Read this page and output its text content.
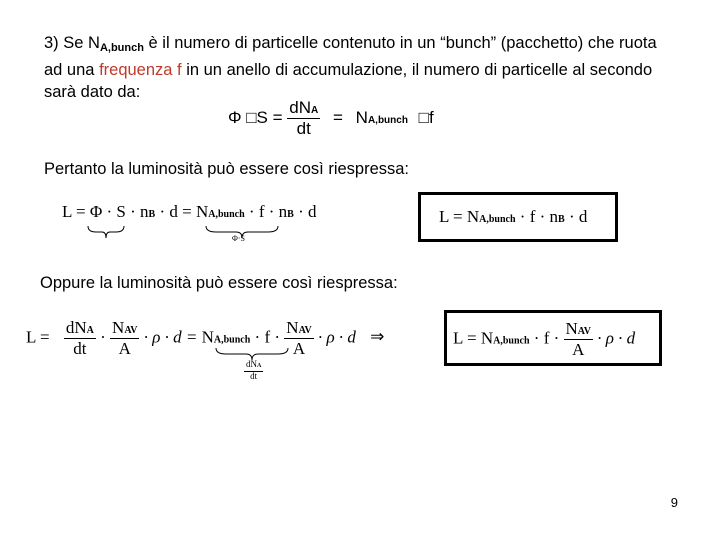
3) Se $N_{A,bunch}$ è il numero di particelle contenuto in un “bunch” (pacchetto) che ruota ad una frequenza f in un anello di accumulazione, il numero di particelle al secondo sarà dato da:
Φ □S = $\frac{\text{dNA}}{dt}$ = NA,bunch □f
Pertanto la luminosità può essere così riespressa:
L = Φ · S · nB · d = NA,bunch · f · nB · d
Φ·S
L = NA,bunch · f · nB · d
Oppure la luminosità può essere così riespressa:
$L = \frac{\text{dNA}}{dt} \cdot \frac{\text{NAV}}{A} \cdot \rho \cdot d$ = NA,bunch · $f \cdot \frac{\text{NAV}}{A} \cdot \rho \cdot d$ ⇒
$\frac{\text{dNA}}{dt}$
L = NA,bunch · $f \cdot \frac{\text{NAV}}{A} \cdot \rho \cdot d$
9
